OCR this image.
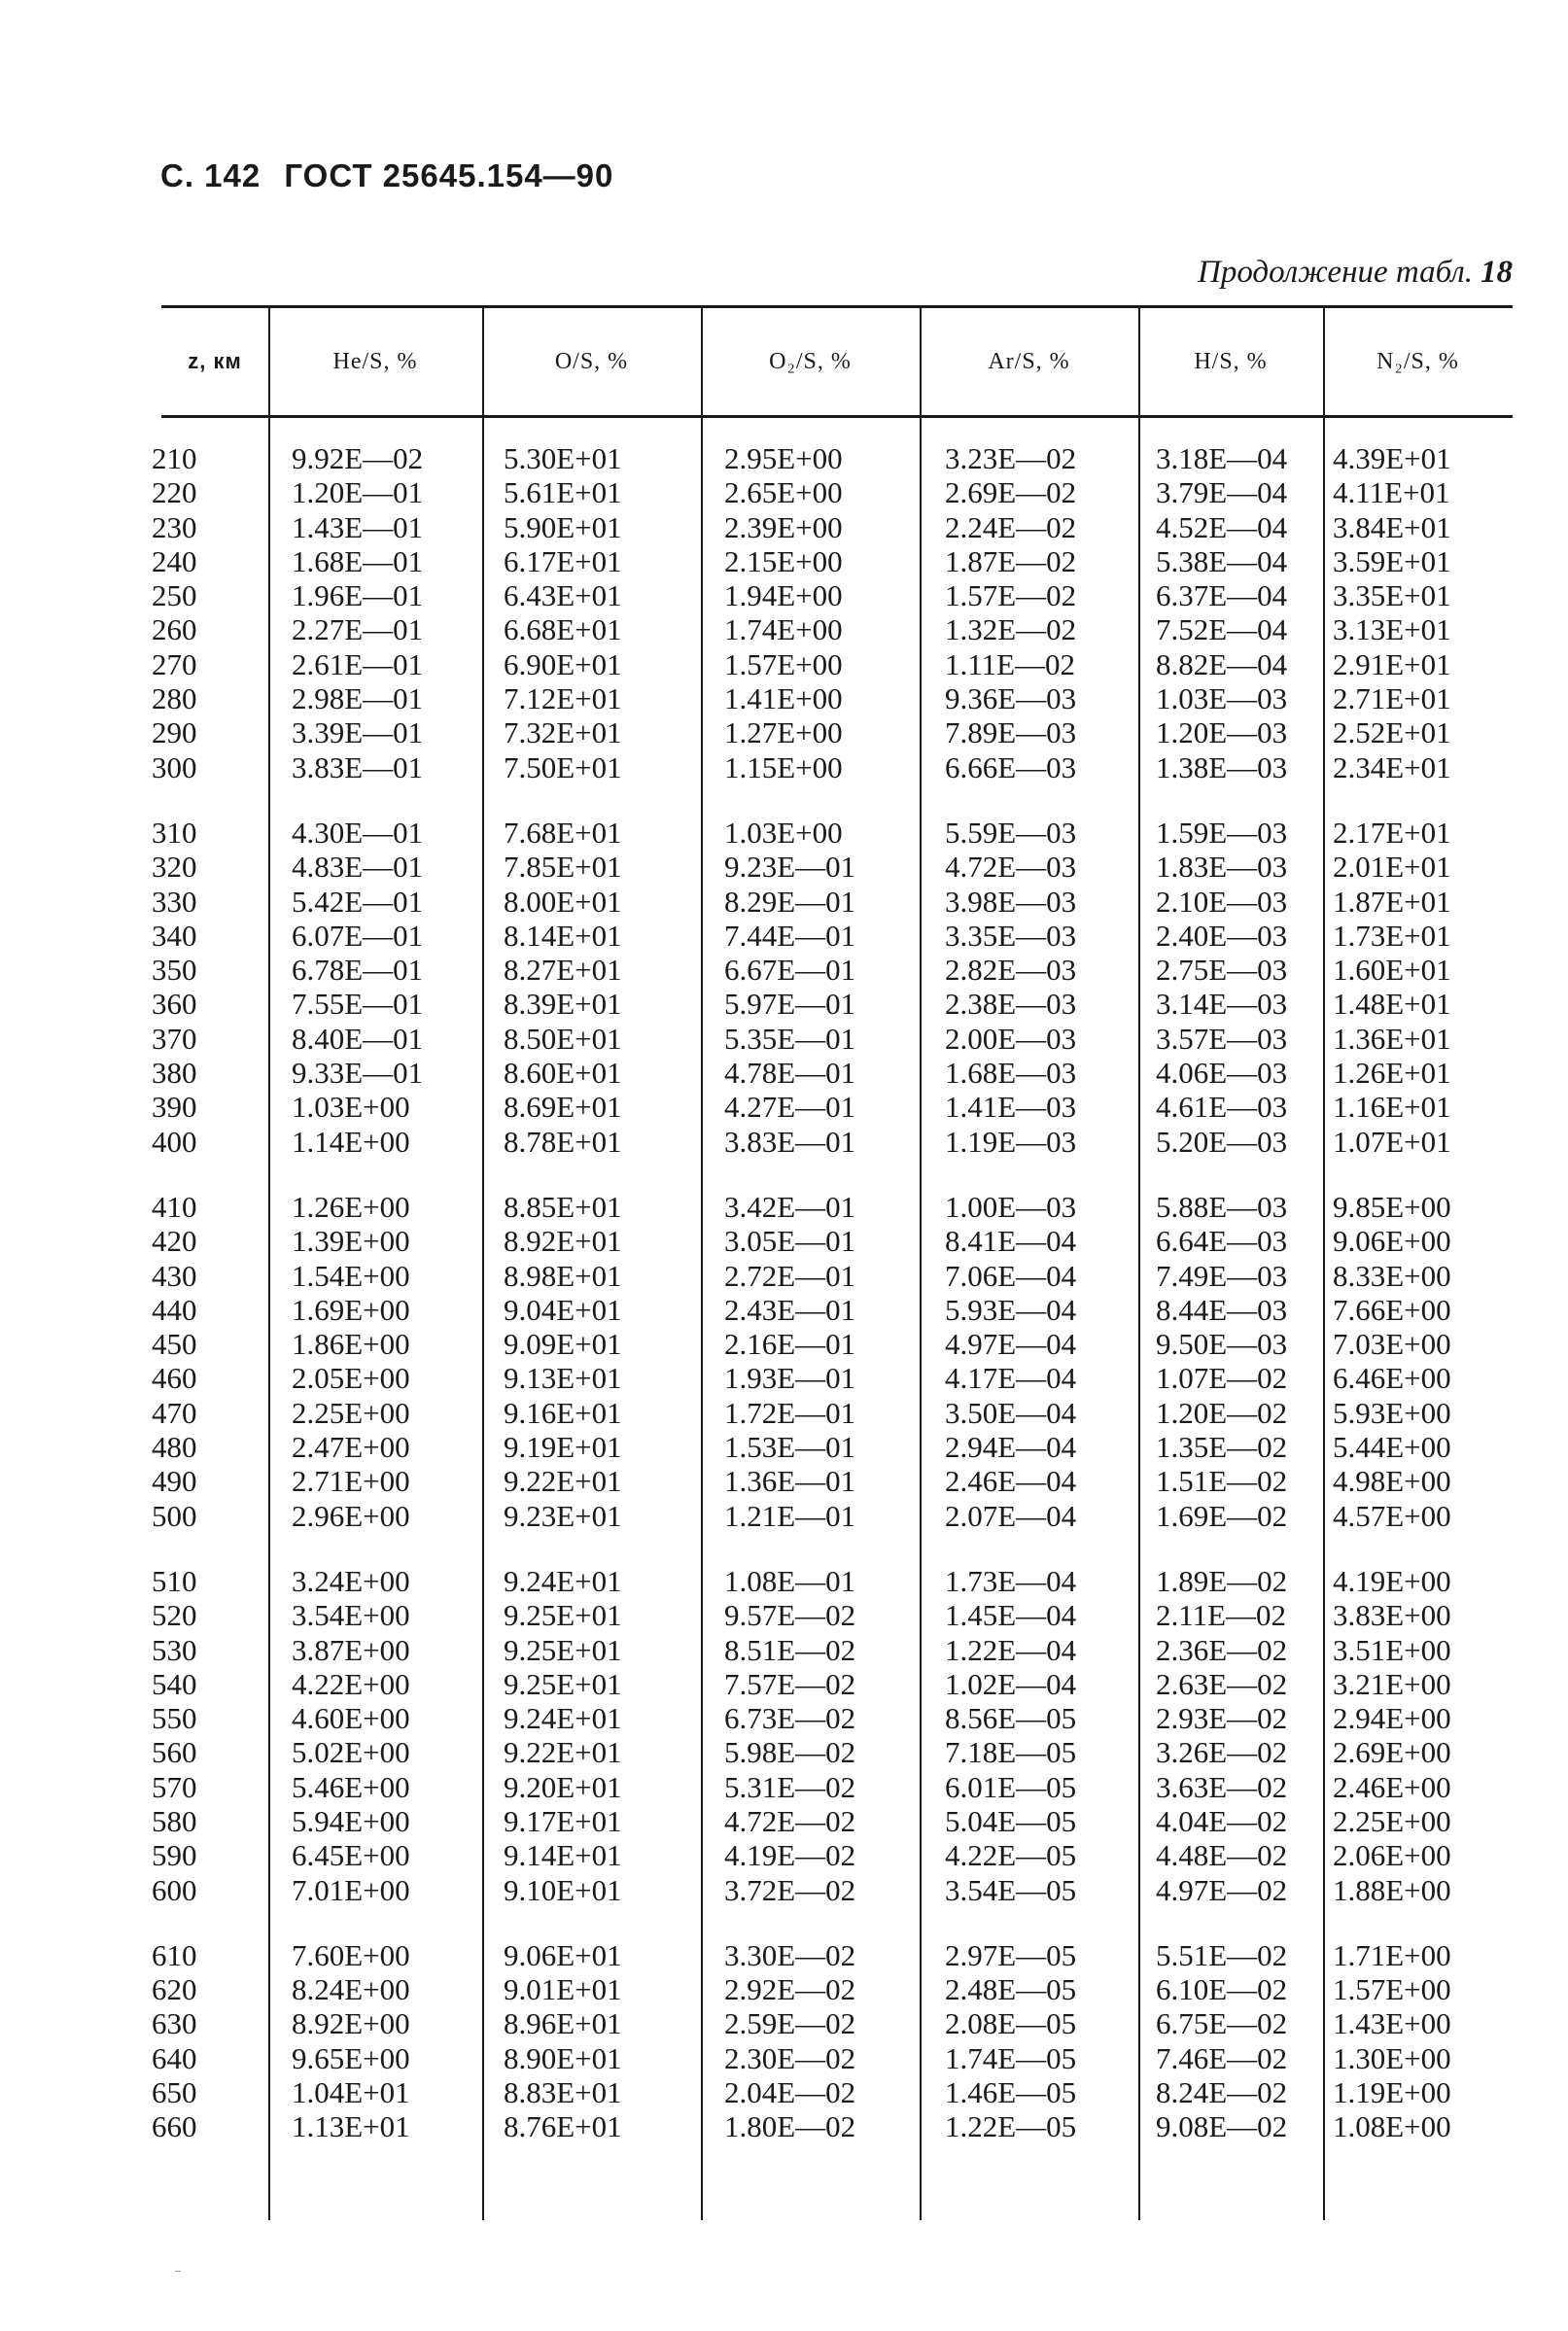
С. 142 ГОСТ 25645.154—90
Продолжение табл. 18
z, км	He/S, %	O/S, %	O₂/S, %	Ar/S, %	H/S, %	N₂/S, %
210	9.92E—02	5.30E+01	2.95E+00	3.23E—02	3.18E—04 4.39E+01
220	1.20E—01	5.61E+01	2.65E+00	2.69E—02	3.79E—04 4.11E+01
230	1.43E—01	5.90E+01	2.39E+00	2.24E—02	4.52E—04 3.84E+01
240	1.68E—01	6.17E+01	2.15E+00	1.87E—02	5.38E—04 3.59E+01
250	1.96E—01	6.43E+01	1.94E+00	1.57E—02	6.37E—04 3.35E+01
260	2.27E—01	6.68E+01	1.74E+00	1.32E—02	7.52E—04 3.13E+01
270	2.61E—01	6.90E+01	1.57E+00	1.11E—02	8.82E—04 2.91E+01
280	2.98E—01	7.12E+01	1.41E+00	9.36E—03	1.03E—03 2.71E+01
290	3.39E—01	7.32E+01	1.27E+00	7.89E—03	1.20E—03 2.52E+01
300	3.83E—01	7.50E+01	1.15E+00	6.66E—03	1.38E—03 2.34E+01
310	4.30E—01	7.68E+01	1.03E+00	5.59E—03	1.59E—03 2.17E+01
320	4.83E—01	7.85E+01	9.23E—01	4.72E—03	1.83E—03 2.01E+01
330	5.42E—01	8.00E+01	8.29E—01	3.98E—03	2.10E—03 1.87E+01
340	6.07E—01	8.14E+01	7.44E—01	3.35E—03	2.40E—03 1.73E+01
350	6.78E—01	8.27E+01	6.67E—01	2.82E—03	2.75E—03 1.60E+01
360	7.55E—01	8.39E+01	5.97E—01	2.38E—03	3.14E—03 1.48E+01
370	8.40E—01	8.50E+01	5.35E—01	2.00E—03	3.57E—03 1.36E+01
380	9.33E—01	8.60E+01	4.78E—01	1.68E—03	4.06E—03 1.26E+01
390	1.03E+00	8.69E+01	4.27E—01	1.41E—03	4.61E—03 1.16E+01
400	1.14E+00	8.78E+01	3.83E—01	1.19E—03	5.20E—03 1.07E+01
410	1.26E+00	8.85E+01	3.42E—01	1.00E—03	5.88E—03 9.85E+00
420	1.39E+00	8.92E+01	3.05E—01	8.41E—04	6.64E—03 9.06E+00
430	1.54E+00	8.98E+01	2.72E—01	7.06E—04	7.49E—03 8.33E+00
440	1.69E+00	9.04E+01	2.43E—01	5.93E—04	8.44E—03 7.66E+00
450	1.86E+00	9.09E+01	2.16E—01	4.97E—04	9.50E—03 7.03E+00
460	2.05E+00	9.13E+01	1.93E—01	4.17E—04	1.07E—02 6.46E+00
470	2.25E+00	9.16E+01	1.72E—01	3.50E—04	1.20E—02 5.93E+00
480	2.47E+00	9.19E+01	1.53E—01	2.94E—04	1.35E—02 5.44E+00
490	2.71E+00	9.22E+01	1.36E—01	2.46E—04	1.51E—02 4.98E+00
500	2.96E+00	9.23E+01	1.21E—01	2.07E—04	1.69E—02 4.57E+00
510	3.24E+00	9.24E+01	1.08E—01	1.73E—04	1.89E—02 4.19E+00
520	3.54E+00	9.25E+01	9.57E—02	1.45E—04	2.11E—02 3.83E+00
530	3.87E+00	9.25E+01	8.51E—02	1.22E—04	2.36E—02 3.51E+00
540	4.22E+00	9.25E+01	7.57E—02	1.02E—04	2.63E—02 3.21E+00
550	4.60E+00	9.24E+01	6.73E—02	8.56E—05	2.93E—02 2.94E+00
560	5.02E+00	9.22E+01	5.98E—02	7.18E—05	3.26E—02 2.69E+00
570	5.46E+00	9.20E+01	5.31E—02	6.01E—05	3.63E—02 2.46E+00
580	5.94E+00	9.17E+01	4.72E—02	5.04E—05	4.04E—02 2.25E+00
590	6.45E+00	9.14E+01	4.19E—02	4.22E—05	4.48E—02 2.06E+00
600	7.01E+00	9.10E+01	3.72E—02	3.54E—05	4.97E—02 1.88E+00
610	7.60E+00	9.06E+01	3.30E—02	2.97E—05	5.51E—02 1.71E+00
620	8.24E+00	9.01E+01	2.92E—02	2.48E—05	6.10E—02 1.57E+00
630	8.92E+00	8.96E+01	2.59E—02	2.08E—05	6.75E—02 1.43E+00
640	9.65E+00	8.90E+01	2.30E—02	1.74E—05	7.46E—02 1.30E+00
650	1.04E+01	8.83E+01	2.04E—02	1.46E—05	8.24E—02 1.19E+00
660	1.13E+01	8.76E+01	1.80E—02	1.22E—05	9.08E—02 1.08E+00
